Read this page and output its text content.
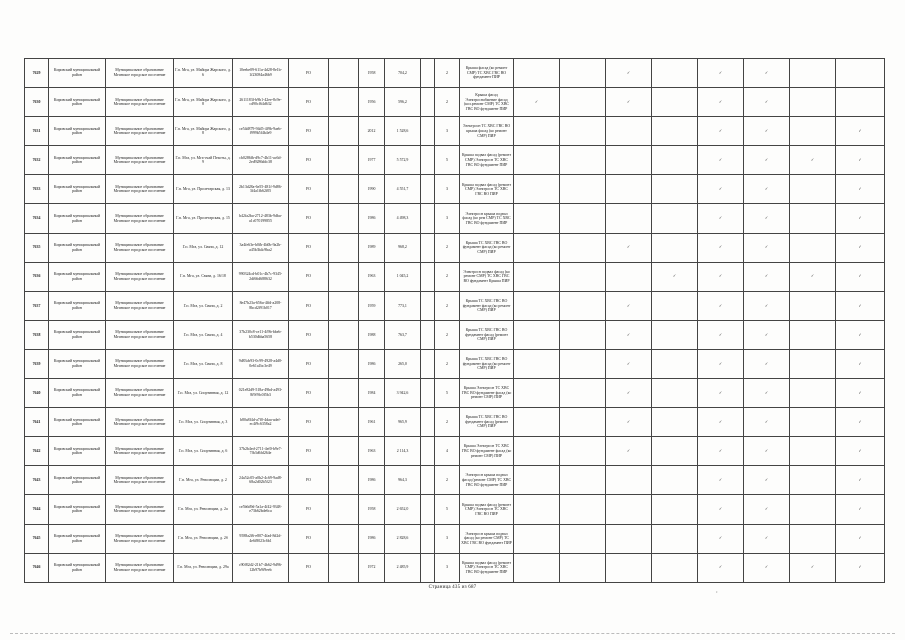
7629	Кировский муниципальный район	Муниципальное образование Мгинское городское поселение	Г.п. Мга, ул. Майора Жарского, д. 6	10eebe09-611a-4d28-8e1b-1f23084a46b9	FO		1958	704,2		2	Крыша фасад (ко ремонт СМР) ТС ХВС ГВС ВО фундамент ПИР			✓		✓	✓		
7630	Кировский муниципальный район	Муниципальное образование Мгинское городское поселение	Г.п. Мга, ул. Майора Жарского, д. 8	2611183f-b9b1-42ee-8c9e-cd90cf64d632	FO		1956	596,2		2	Крыша фасад Электроснабжение фасад (кол.ремонт СМР) ТС ХВС ГВС ВО фундамент ПИР	✓		✓		✓	✓		
7631	Кировский муниципальный район	Муниципальное образование Мгинское городское поселение	Г.п. Мга, ул. Майора Жарского, д. 8	ce54d879-94d5-4f9b-9aeb-f999b5f4b4e9	FO		2012	1 528,6		3	Электросн ТС ХВС ГВС ВО крыша фасад (ко ремонт СМР) ПИР					✓	✓		✓
7632	Кировский муниципальный район	Муниципальное образование Мгинское городское поселение	Г.п. Мга, ул. Мга-счай Пехоты, д. 9	cb0286fb-d9c7-4b11-ac6d-2ed9286ddc38	FO		1977	5 572,9		5	Крыша подвал фасад (ремонт СМР) Электросн ТС ХВС ГВС ВО фундамент ПИР					✓	✓	✓	✓
7633	Кировский муниципальный район	Муниципальное образование Мгинское городское поселение	Г.п. Мга, ул. Пролетарская, д. 13	2b13d28a-6e55-481f-9d86-3f4a1fb62f05	FO		1990	4 551,7		3	Крыша подвал фасад (ремонт СМР) Электросн ТС ХВС ГВС ВО ПИР					✓	✓		✓
7634	Кировский муниципальный район	Муниципальное образование Мгинское городское поселение	Г.п. Мга, ул. Пролетарская, д. 15	b42fa2ba-2712-483b-9dba-a1c070199855	FO		1986	4 498,3		3	Электросн крыша подвал фасад (ко рем СМР) ТС ХВС ГВС ВО фундамент ПИР					✓	✓		✓
7635	Кировский муниципальный район	Муниципальное образование Мгинское городское поселение	Г.п. Мга, ул. Связи, д. 12	3a4fe63e-b0fb-4b0b-9a2b-a45b3b4c9ba2	FO		1989	968,2		2	Крыша ТС ХВС ГВС ВО фундамент фасад (ко ремонт СМР) ПИР			✓		✓	✓		✓
7636	Кировский муниципальный район	Муниципальное образование Мгинское городское поселение	Г.п. Мга, ул. Связи, д. 16/18	990324cd-b01c-4b7c-9345-2df66d688632	FO		1963	1 045,2		2	Электросн подвал фасад (ко ремонт СМР) ТС ХВС ГВС ВО фундамент Крыша ПИР				✓	✓	✓	✓	✓
7637	Кировский муниципальный район	Муниципальное образование Мгинское городское поселение	Г.п. Мга, ул. Связи, д. 2	8e47b23a-656a-4ffd-a208-8bcd2f91b017	FO		1959	773,1		2	Крыша ТС ХВС ГВС ВО фундамент фасад (ко ремонт СМР) ПИР			✓		✓	✓		✓
7638	Кировский муниципальный район	Муниципальное образование Мгинское городское поселение	Г.п. Мга, ул. Связи, д. 4	37b230c8-ce11-4f9b-bbeb-b530dbba5658	FO		1988	763,7		2	Крыша ТС ХВС ГВС ВО фундамент фасад (ремонт СМР) ПИР			✓		✓	✓		✓
7639	Кировский муниципальный район	Муниципальное образование Мгинское городское поселение	Г.п. Мга, ул. Связи, д. 8	9d83cb93-0c99-4928-a4d0-0e61a1bc3e49	FO		1986	265,0		2	Крыша ТС ХВС ГВС ВО фундамент фасад (ко ремонт СМР) ПИР			✓		✓	✓		✓
7640	Кировский муниципальный район	Муниципальное образование Мгинское городское поселение	Г.п. Мга, ул. Спортивная, д. 12	021e82d9-518a-49bd-a493-8f9f9fc0f5b3	FO		1984	3 942,6		5	Крыша Электросн ТС ХВС ГВС ВО фундамент фасад (ко ремонт СМР) ПИР			✓		✓	✓		✓
7641	Кировский муниципальный район	Муниципальное образование Мгинское городское поселение	Г.п. Мга, ул. Спортивная, д. 3	b80a8f4d-a7f0-4daa-adef-ec4f9c6358a2	FO		1961	965,9		2	Крыша ТС ХВС ГВС ВО фундамент фасад (ремонт СМР) ПИР			✓		✓	✓		✓
7642	Кировский муниципальный район	Муниципальное образование Мгинское городское поселение	Г.п. Мга, ул. Спортивная, д. 6	37b2b4ed-2711-4ef0-b9e7-7fb3d6fd264e	FO		1963	2 114,3		4	Крыша Электросн ТС ХВС ГВС ВО фундамент фасад (ко ремонт СМР) ПИР			✓		✓	✓		✓
7643	Кировский муниципальный район	Муниципальное образование Мгинское городское поселение	Г.п. Мга, ул. Революции, д. 2	24a52c05-a0b2-4c69-9ad8-68a2d02b5f23	FO		1986	964,3		2	Электросн крыша подвал фасад (ремонт СМР) ТС ХВС ГВС ВО фундамент ПИР					✓	✓		✓
7644	Кировский муниципальный район	Муниципальное образование Мгинское городское поселение	Г.п. Мга, ул. Революции, д. 2а	ce5b6d9d-5a1a-4f42-9348-e73b62bde6ca	FO		1958	2 652,0		5	Крыша подвал фасад (ремонт СМР) Электросн ТС ХВС ГВС ВО ПИР					✓	✓		✓
7645	Кировский муниципальный район	Муниципальное образование Мгинское городское поселение	Г.п. Мга, ул. Революции, д. 2б	9588a2f6-e807-4fad-8d2d-4e6f8023c6b1	FO		1986	2 828,6		3	Электросн крыша подвал фасад (ко ремонт СМР) ТС ХВС ГВС ВО фундамент ПИР					✓	✓		✓
7646	Кировский муниципальный район	Муниципальное образование Мгинское городское поселение	Г.п. Мга, ул. Революции, д. 29а	c90f82d2-21b7-4b62-9d96-12b97b9f9eeb	FO		1972	2 485,9		3	Крыша подвал фасад (ремонт СМР) Электросн ТС ХВС ГВС ВО фундамент ПИР					✓	✓	✓	✓
Страница 435 из 687
ʼ
